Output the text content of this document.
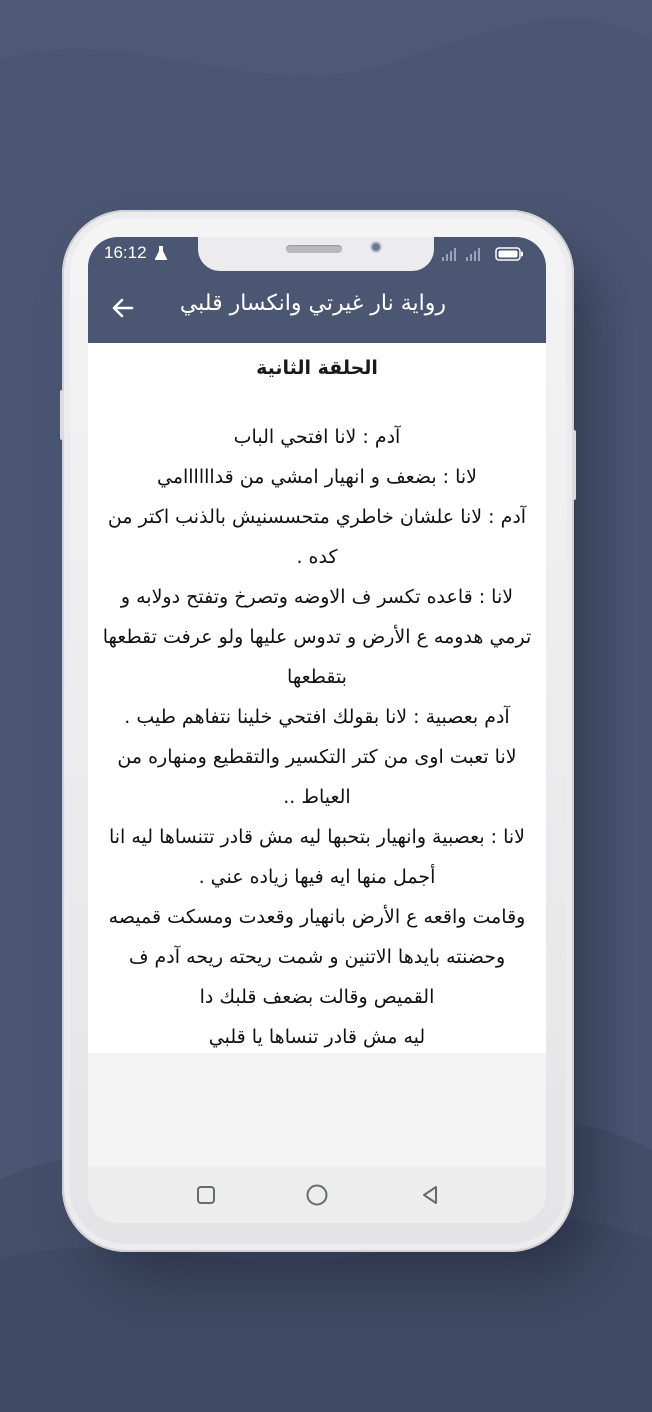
16:12
رواية نار غيرتي وانكسار قلبي
الحلقة الثانية

آدم : لانا افتحي الباب

لانا : بضعف و انهيار امشي من قداااااامي

آدم : لانا علشان خاطري متحسسنيش بالذنب اكتر من كده .

لانا : قاعده تكسر ف الاوضه وتصرخ وتفتح دولابه و ترمي هدومه ع الأرض و تدوس عليها ولو عرفت تقطعها بتقطعها

آدم بعصبية : لانا بقولك افتحي خلينا نتفاهم طيب .

لانا تعبت اوى من كتر التكسير والتقطيع ومنهاره من العياط ..

لانا : بعصبية وانهيار بتحبها ليه مش قادر تتنساها ليه انا أجمل منها ايه فيها زياده عني .

وقامت واقعه ع الأرض بانهيار وقعدت ومسكت قميصه وحضنته بايدها الاتنين و شمت ريحته ريحه آدم ف القميص وقالت بضعف قلبك دا

ليه مش قادر تنساها يا قلبي
